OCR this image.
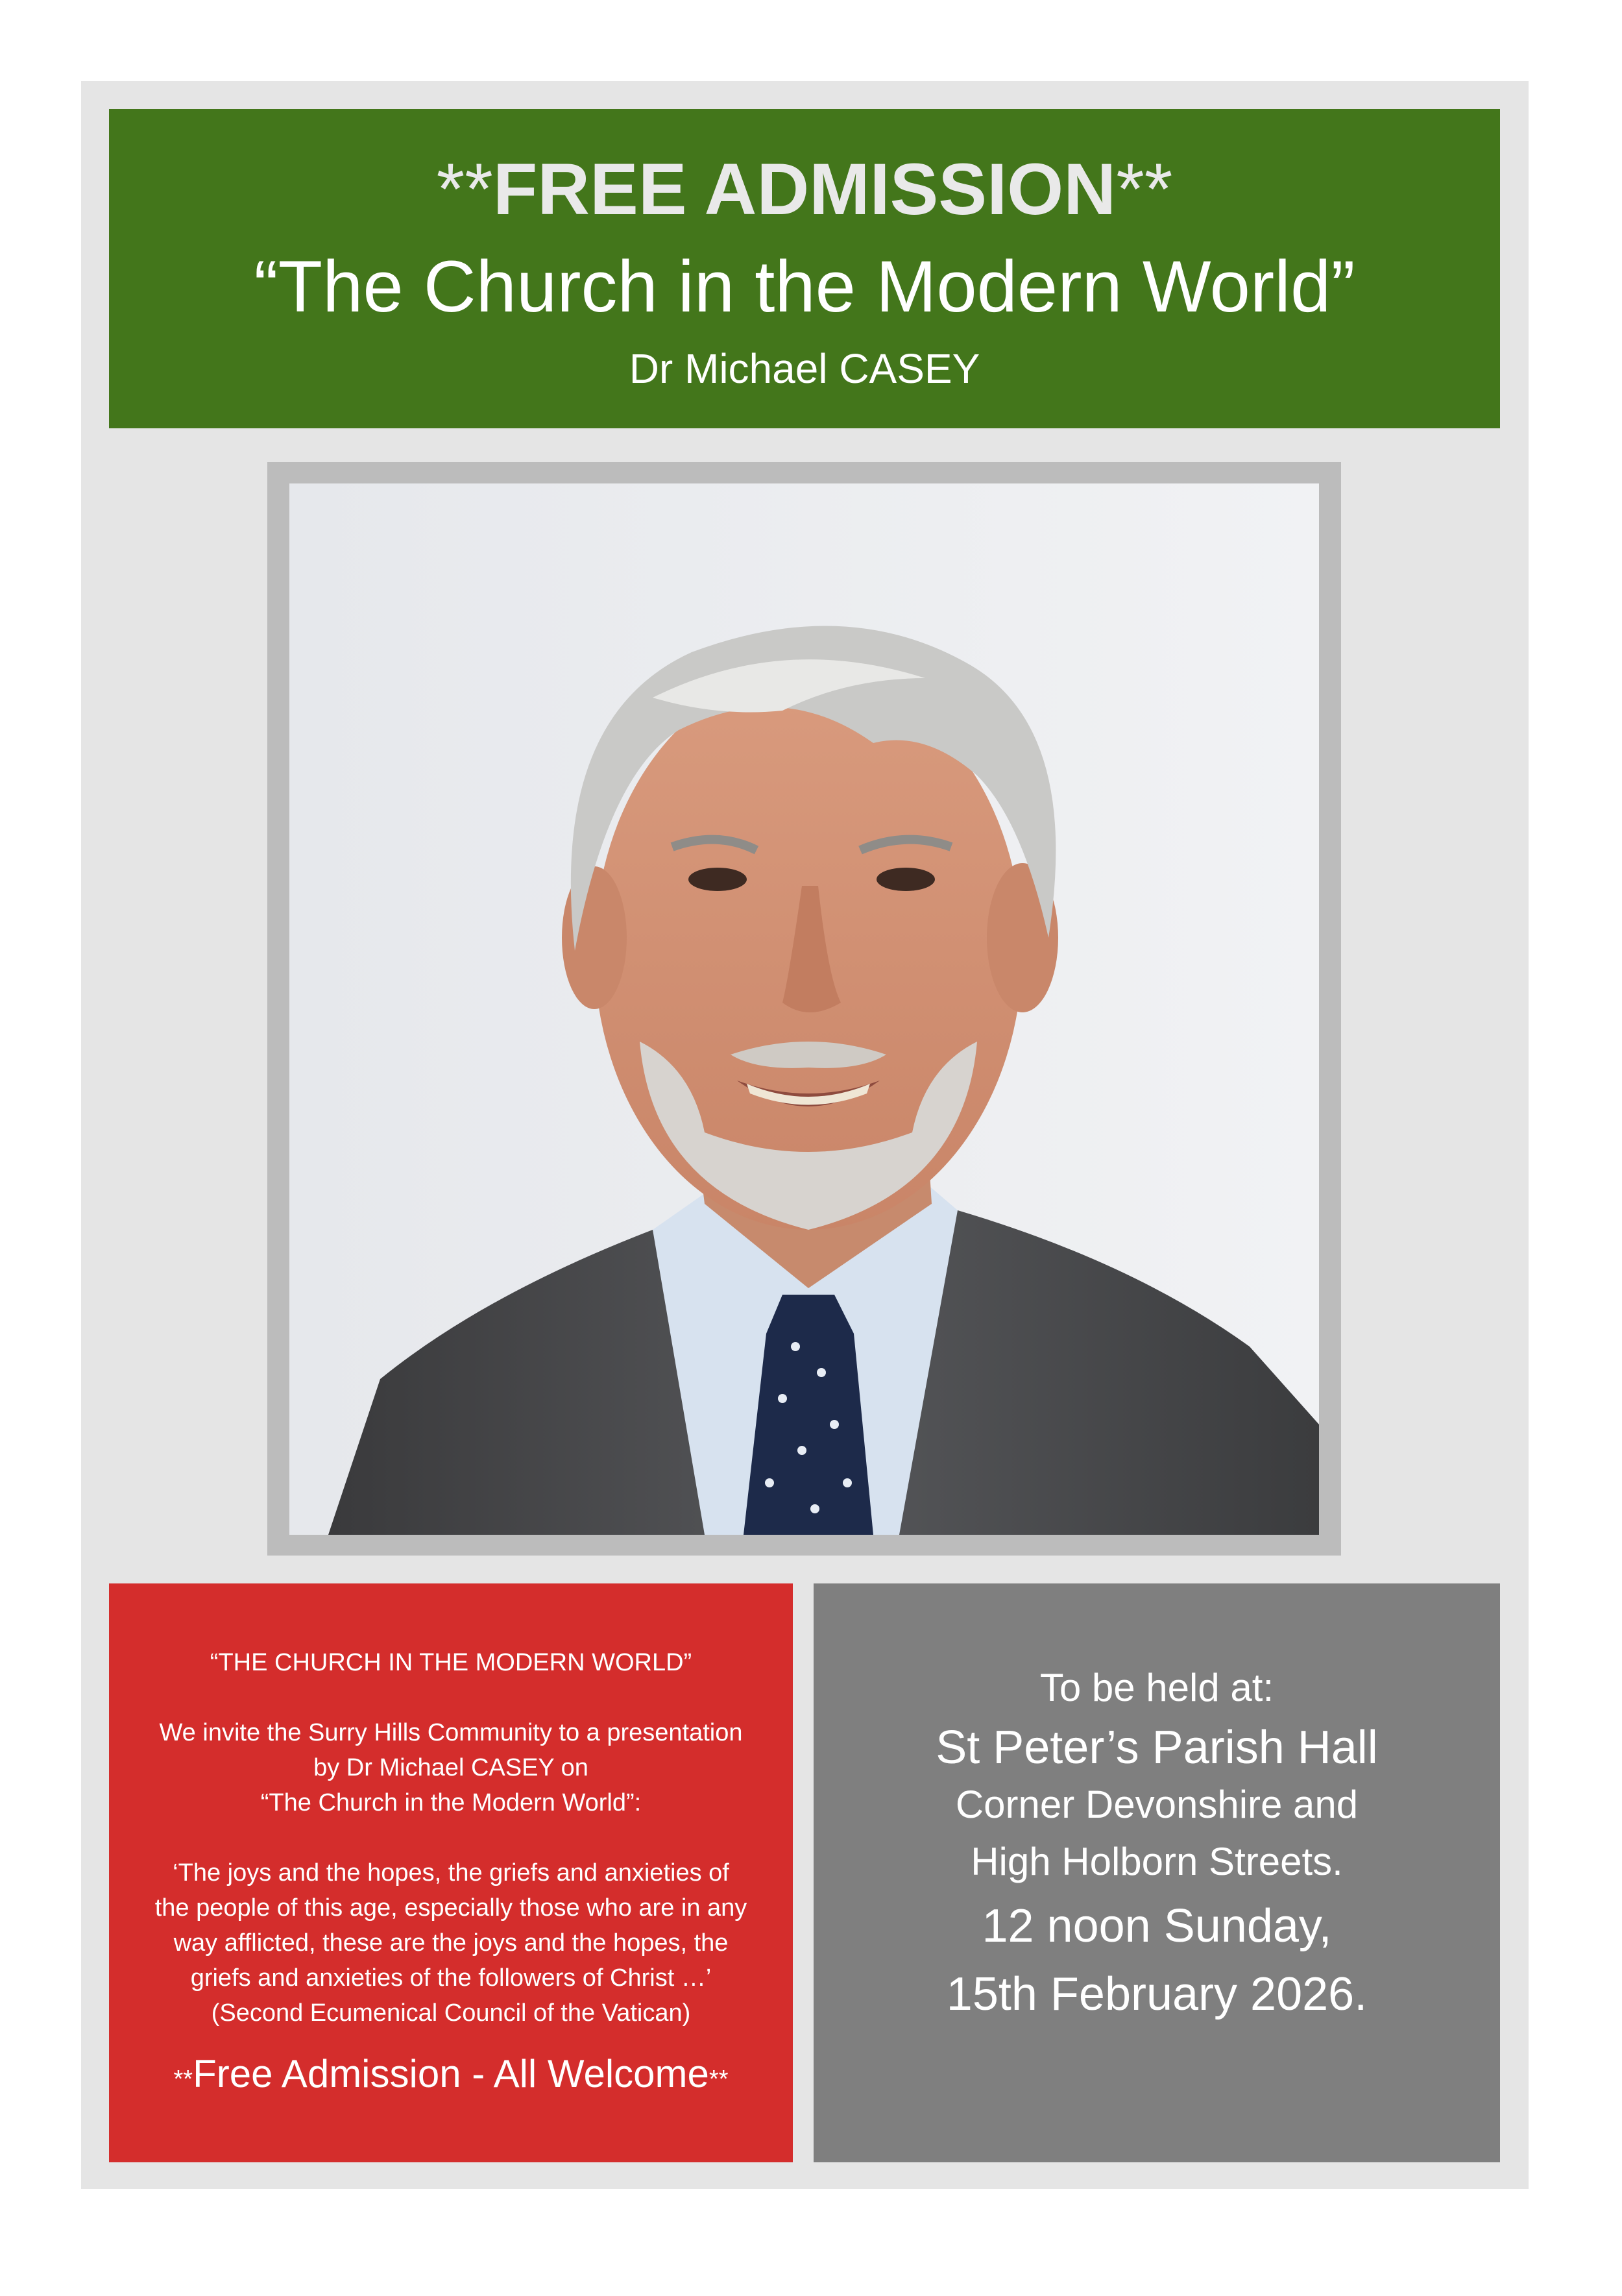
**FREE ADMISSION**
“The Church in the Modern World”
Dr Michael CASEY
“THE CHURCH IN THE MODERN WORLD”
We invite the Surry Hills Community to a presentation
by Dr Michael CASEY on
“The Church in the Modern World”:
‘The joys and the hopes, the griefs and anxieties of
the people of this age, especially those who are in any
way afflicted, these are the joys and the hopes, the
griefs and anxieties of the followers of Christ …’
(Second Ecumenical Council of the Vatican)
**Free Admission - All Welcome**
To be held at:
St Peter’s Parish Hall
Corner Devonshire and
High Holborn Streets.
12 noon Sunday,
15th February 2026.
